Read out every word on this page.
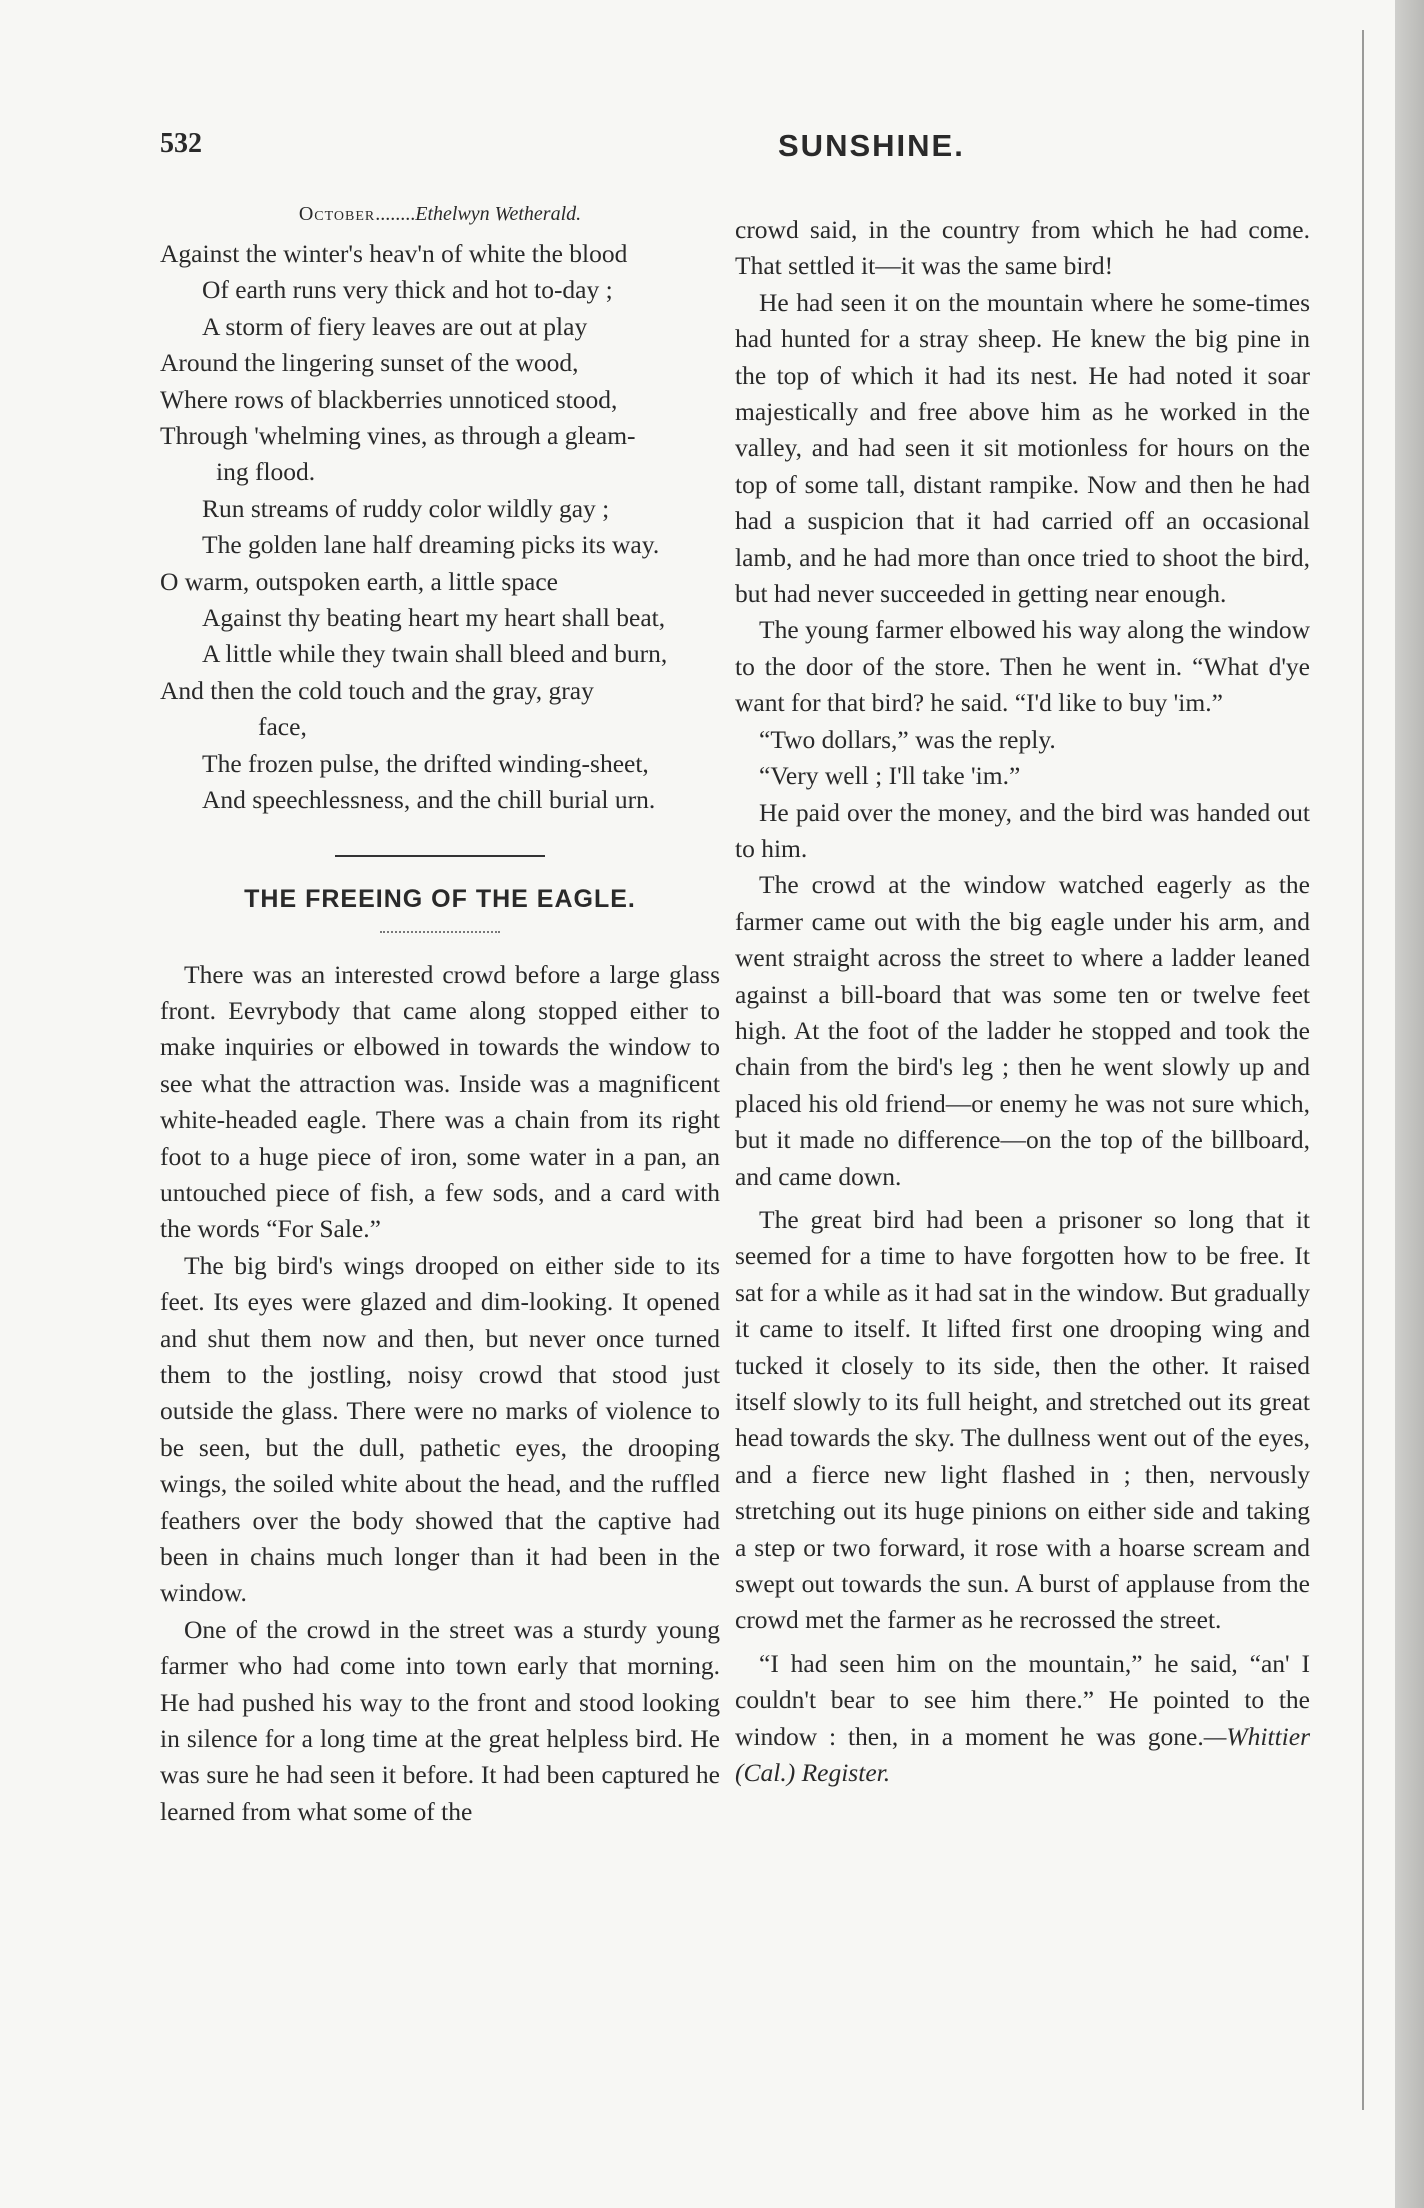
532	SUNSHINE.
October........Ethelwyn Wetherald.
Against the winter's heav'n of white the blood
Of earth runs very thick and hot to-day ;
A storm of fiery leaves are out at play
Around the lingering sunset of the wood,
Where rows of blackberries unnoticed stood,
Through 'whelming vines, as through a gleam-
ing flood.
Run streams of ruddy color wildly gay ;
The golden lane half dreaming picks its way.
O warm, outspoken earth, a little space
Against thy beating heart my heart shall beat,
A little while they twain shall bleed and burn,
And then the cold touch and the gray, gray
face,
The frozen pulse, the drifted winding-sheet,
And speechlessness, and the chill burial urn.
THE FREEING OF THE EAGLE.

There was an interested crowd before a large glass front. Eevrybody that came along stopped either to make inquiries or elbowed in towards the window to see what the attraction was. Inside was a magnificent white-headed eagle. There was a chain from its right foot to a huge piece of iron, some water in a pan, an untouched piece of fish, a few sods, and a card with the words “For Sale.”

The big bird's wings drooped on either side to its feet. Its eyes were glazed and dim-looking. It opened and shut them now and then, but never once turned them to the jostling, noisy crowd that stood just outside the glass. There were no marks of violence to be seen, but the dull, pathetic eyes, the drooping wings, the soiled white about the head, and the ruffled feathers over the body showed that the captive had been in chains much longer than it had been in the window.

One of the crowd in the street was a sturdy young farmer who had come into town early that morning. He had pushed his way to the front and stood looking in silence for a long time at the great helpless bird. He was sure he had seen it before. It had been captured he learned from what some of the

crowd said, in the country from which he had come. That settled it—it was the same bird!

He had seen it on the mountain where he some-times had hunted for a stray sheep. He knew the big pine in the top of which it had its nest. He had noted it soar majestically and free above him as he worked in the valley, and had seen it sit motionless for hours on the top of some tall, distant rampike. Now and then he had had a suspicion that it had carried off an occasional lamb, and he had more than once tried to shoot the bird, but had never succeeded in getting near enough.

The young farmer elbowed his way along the window to the door of the store. Then he went in. “What d'ye want for that bird? he said. “I'd like to buy 'im.”

“Two dollars,” was the reply.

“Very well ; I'll take 'im.”

He paid over the money, and the bird was handed out to him.

The crowd at the window watched eagerly as the farmer came out with the big eagle under his arm, and went straight across the street to where a ladder leaned against a bill-board that was some ten or twelve feet high. At the foot of the ladder he stopped and took the chain from the bird's leg ; then he went slowly up and placed his old friend—or enemy he was not sure which, but it made no difference—on the top of the billboard, and came down.

The great bird had been a prisoner so long that it seemed for a time to have forgotten how to be free. It sat for a while as it had sat in the window. But gradually it came to itself. It lifted first one drooping wing and tucked it closely to its side, then the other. It raised itself slowly to its full height, and stretched out its great head towards the sky. The dullness went out of the eyes, and a fierce new light flashed in ; then, nervously stretching out its huge pinions on either side and taking a step or two forward, it rose with a hoarse scream and swept out towards the sun. A burst of applause from the crowd met the farmer as he recrossed the street.

“I had seen him on the mountain,” he said, “an' I couldn't bear to see him there.” He pointed to the window : then, in a moment he was gone.—Whittier (Cal.) Register.
